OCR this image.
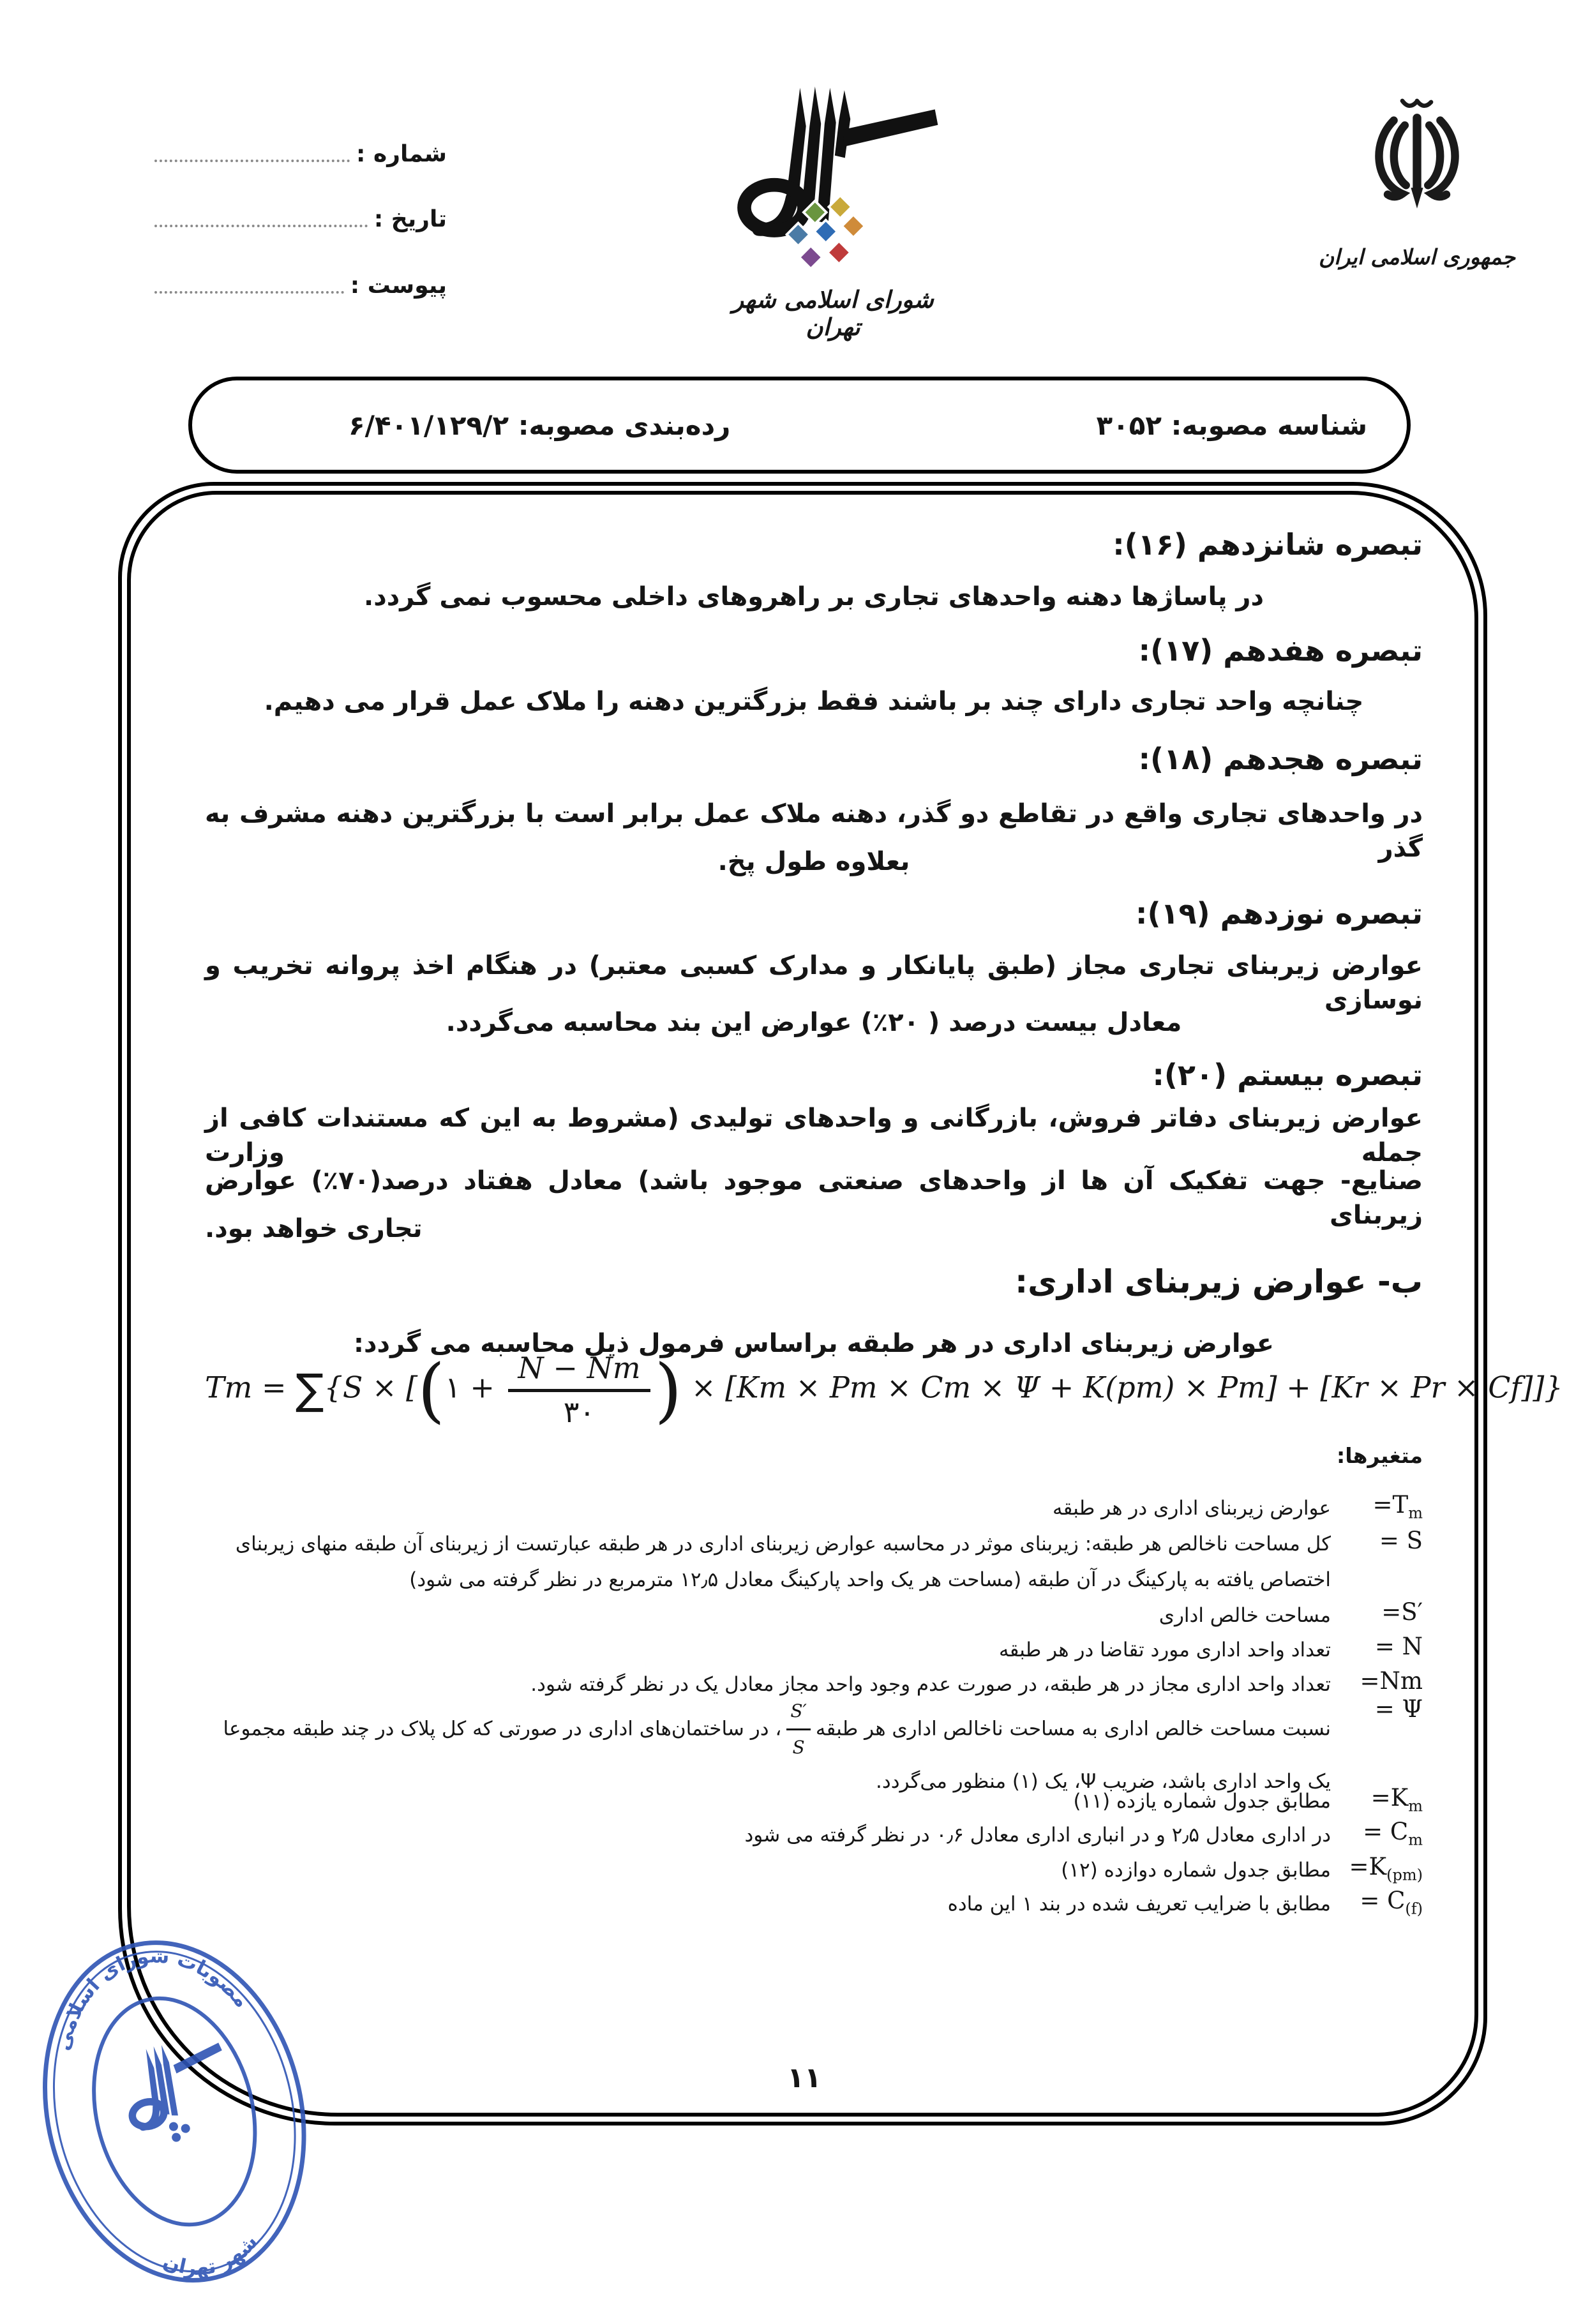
شماره :
تاریخ :
پیوست :
شورای اسلامی شهر تهران
جمهوری اسلامی ایران
شناسه مصوبه: ۳۰۵۲
رده‌بندی مصوبه: ۶/۴۰۱/۱۲۹/۲
تبصره شانزدهم (۱۶):
در پاساژها دهنه واحدهای تجاری بر راهروهای داخلی محسوب نمی گردد.
تبصره هفدهم (۱۷):
چنانچه واحد تجاری دارای چند بر باشند فقط بزرگترین دهنه را ملاک عمل قرار می دهیم.
تبصره هجدهم (۱۸):
در واحدهای تجاری واقع در تقاطع دو گذر، دهنه ملاک عمل برابر است با بزرگترین دهنه مشرف به گذر
بعلاوه طول پخ.
تبصره نوزدهم (۱۹):
عوارض زیربنای تجاری مجاز (طبق پایانکار و مدارک کسبی معتبر) در هنگام اخذ پروانه تخریب و نوسازی
معادل بیست درصد ( ۲۰٪) عوارض این بند محاسبه می‌گردد.
تبصره بیستم (۲۰):
عوارض زیربنای دفاتر فروش، بازرگانی و واحدهای تولیدی (مشروط به این که مستندات کافی از جمله وزارت
صنایع- جهت تفکیک آن ها از واحدهای صنعتی موجود باشد) معادل هفتاد درصد(۷۰٪) عوارض زیربنای
تجاری خواهد بود.
ب- عوارض زیربنای اداری:
عوارض زیربنای اداری در هر طبقه براساس فرمول ذیل محاسبه می گردد:
Tm = ∑{S × [(۱ + $\frac{N - Nm}{۳۰}$ ) × [Km × Pm × Cm × Ψ + K(pm) × Pm] + [Kr × Pr × Cf]]}
متغیرها:
$=T_m$
عوارض زیربنای اداری در هر طبقه
= S
کل مساحت ناخالص هر طبقه: زیربنای موثر در محاسبه عوارض زیربنای اداری در هر طبقه عبارتست از زیربنای آن طبقه منهای زیربنای اختصاص یافته به پارکینگ در آن طبقه (مساحت هر یک واحد پارکینگ معادل ۱۲٫۵ مترمربع در نظر گرفته می شود)
=S′
مساحت خالص اداری
= N
تعداد واحد اداری مورد تقاضا در هر طبقه
=Nm
تعداد واحد اداری مجاز در هر طبقه، در صورت عدم وجود واحد مجاز معادل یک در نظر گرفته شود.
= Ψ
نسبت مساحت خالص اداری به مساحت ناخالص اداری هر طبقه
$\frac{S'}{S}$
، در ساختمان‌های اداری در صورتی که کل پلاک در چند طبقه مجموعا یک واحد اداری باشد، ضریب Ψ، یک (۱) منظور می‌گردد.
$=K_m$
مطابق جدول شماره یازده (۱۱)
= $C_m$
در اداری معادل ۲٫۵ و در انباری اداری معادل ۰٫۶ در نظر گرفته می شود
$=K_{(pm)}$
مطابق جدول شماره دوازده (۱۲)
= $C_{(f)}$
مطابق با ضرایب تعریف شده در بند ۱ این ماده
۱۱
مصوبات شورای اسلامی
شهر تهران
